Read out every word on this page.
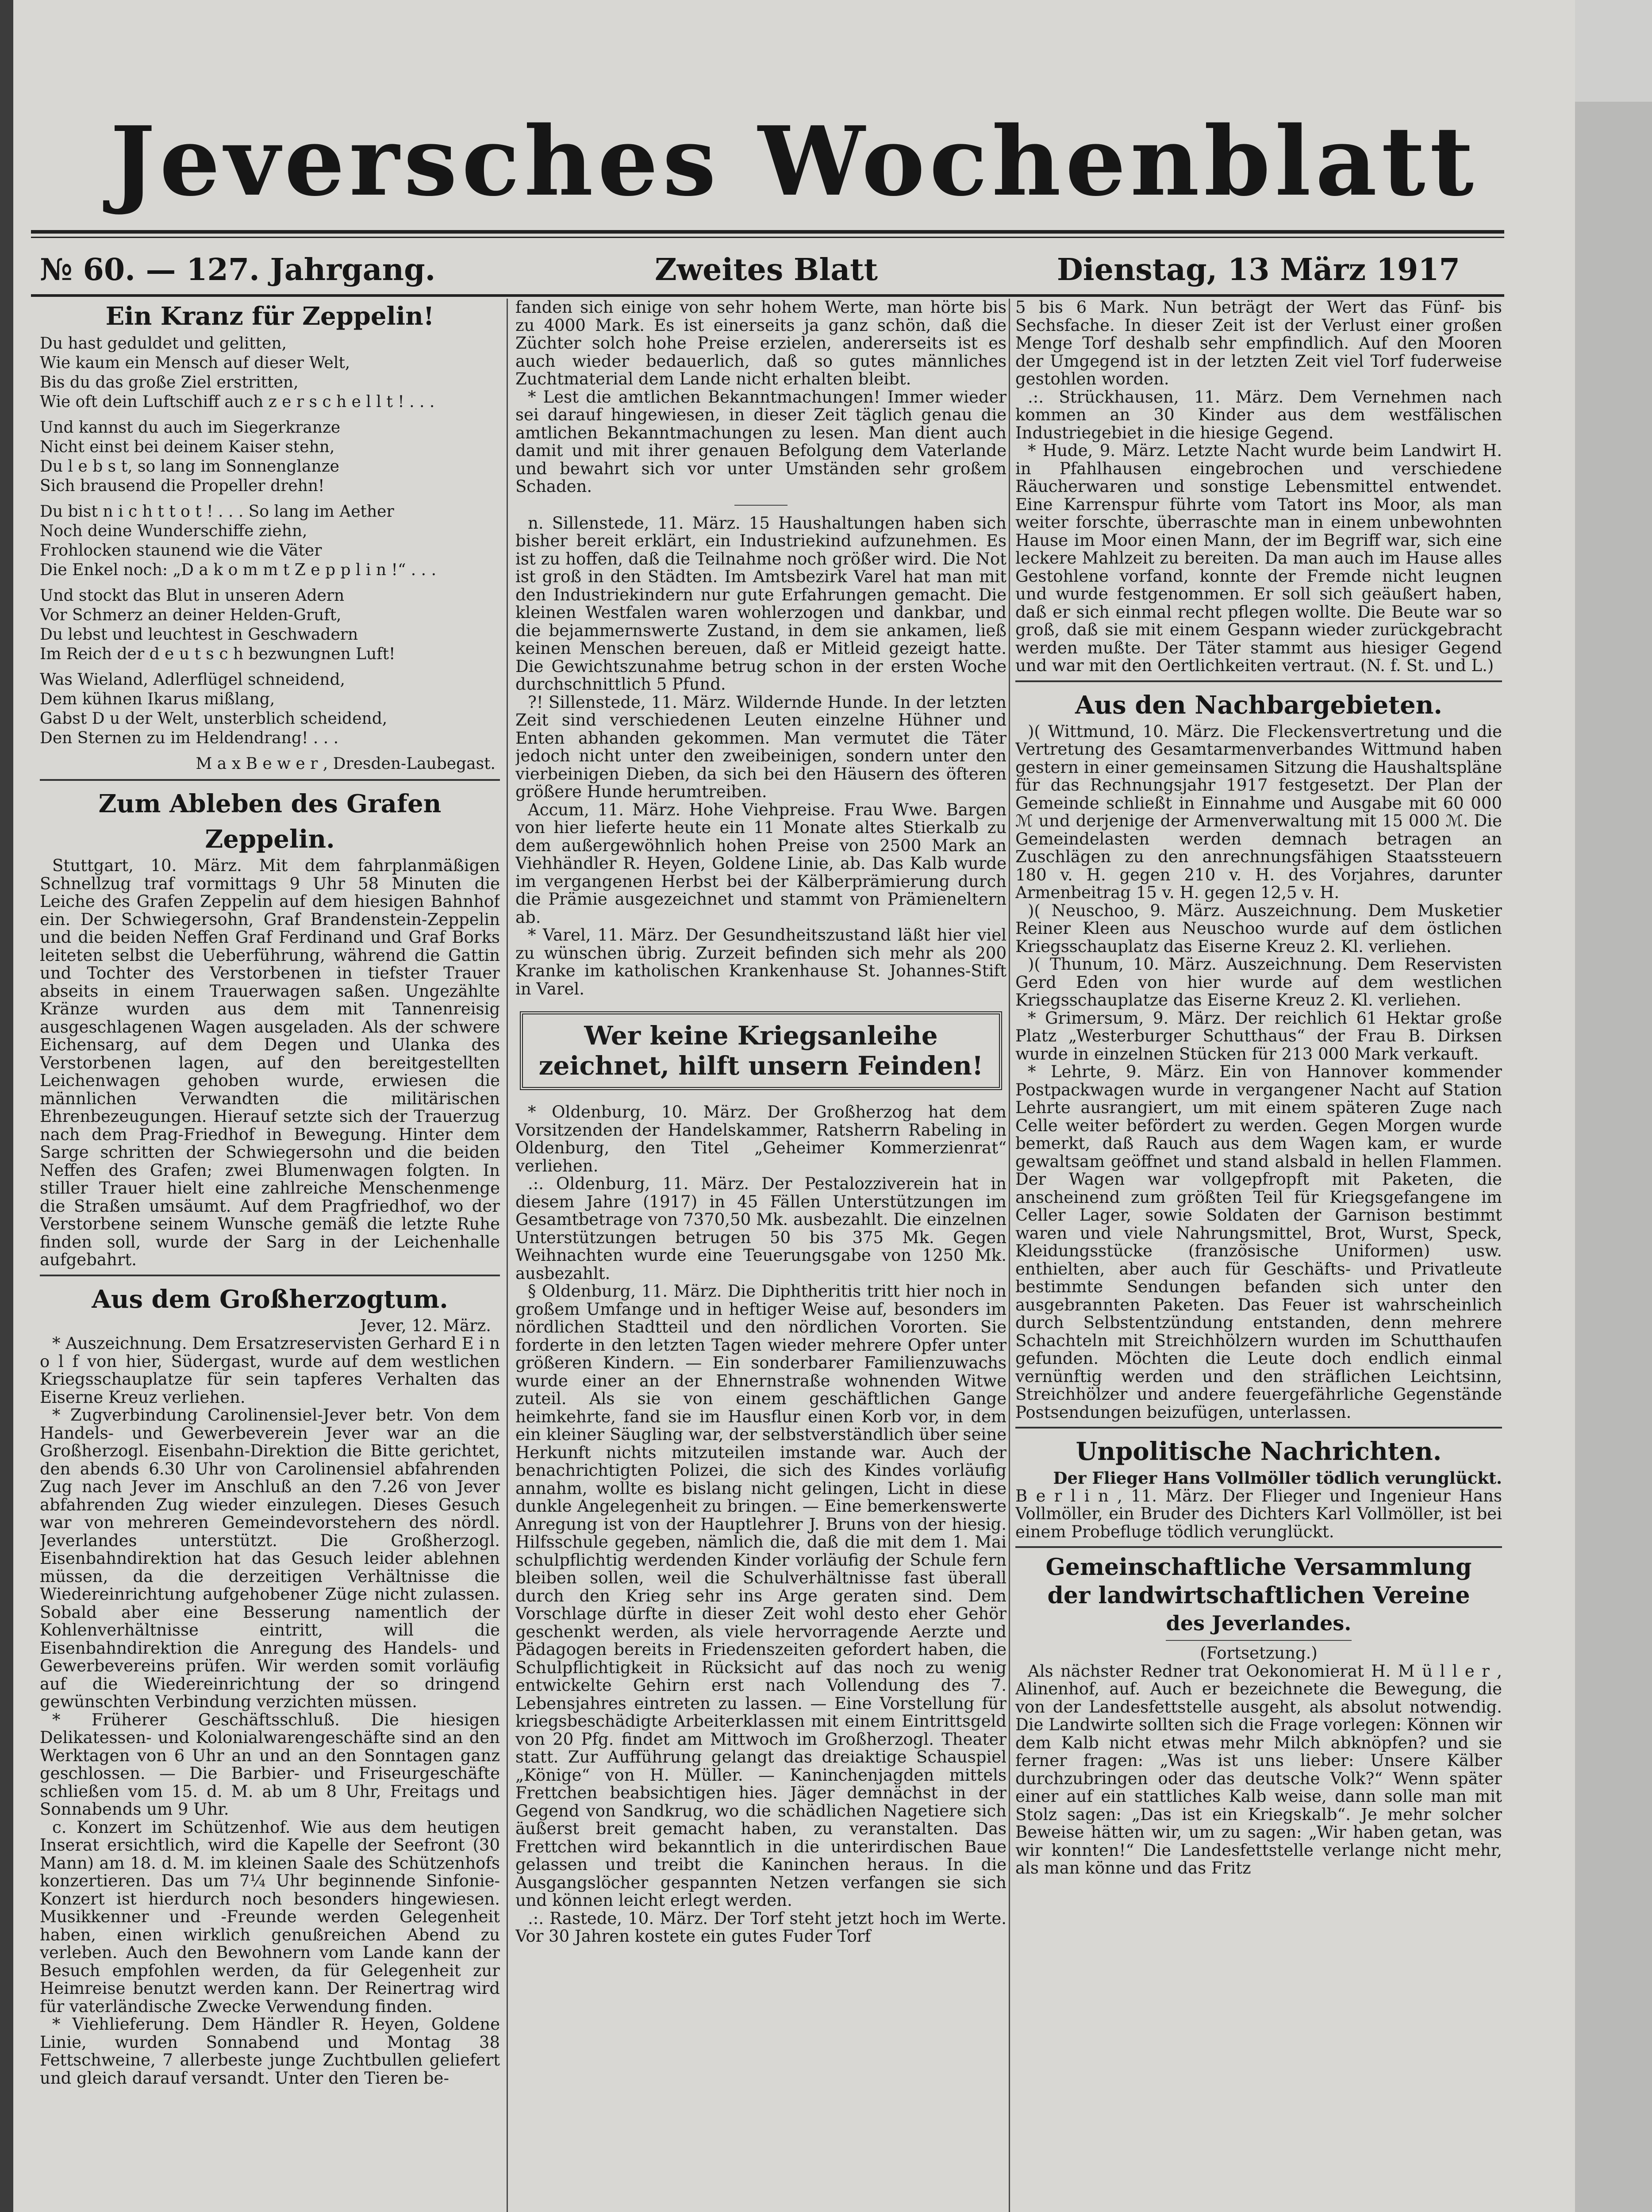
Jeversches Wochenblatt
№ 60. — 127. Jahrgang.	Zweites Blatt	Dienstag, 13 März 1917
Ein Kranz für Zeppelin!
Du hast geduldet und gelitten,
Wie kaum ein Mensch auf dieser Welt,
Bis du das große Ziel erstritten,
Wie oft dein Luftschiff auch z e r s c h e l l t ! . . .
Und kannst du auch im Siegerkranze
Nicht einst bei deinem Kaiser stehn,
Du l e b s t, so lang im Sonnenglanze
Sich brausend die Propeller drehn!
Du bist n i c h t t o t ! . . . So lang im Aether
Noch deine Wunderschiffe ziehn,
Frohlocken staunend wie die Väter
Die Enkel noch: „D a k o m m t Z e p p l i n !“ . . .
Und stockt das Blut in unseren Adern
Vor Schmerz an deiner Helden-Gruft,
Du lebst und leuchtest in Geschwadern
Im Reich der d e u t s c h bezwungnen Luft!
Was Wieland, Adlerflügel schneidend,
Dem kühnen Ikarus mißlang,
Gabst D u der Welt, unsterblich scheidend,
Den Sternen zu im Heldendrang! . . .
M a x B e w e r , Dresden-Laubegast.
Zum Ableben des Grafen Zeppelin.

Stuttgart, 10. März. Mit dem fahrplanmäßigen Schnellzug traf vormittags 9 Uhr 58 Minuten die Leiche des Grafen Zeppelin auf dem hiesigen Bahnhof ein. Der Schwiegersohn, Graf Brandenstein-Zeppelin und die beiden Neffen Graf Ferdinand und Graf Borks leiteten selbst die Ueberführung, während die Gattin und Tochter des Verstorbenen in tiefster Trauer abseits in einem Trauerwagen saßen. Ungezählte Kränze wurden aus dem mit Tannenreisig ausgeschlagenen Wagen ausgeladen. Als der schwere Eichensarg, auf dem Degen und Ulanka des Verstorbenen lagen, auf den bereitgestellten Leichenwagen gehoben wurde, erwiesen die männlichen Verwandten die militärischen Ehrenbezeugungen. Hierauf setzte sich der Trauerzug nach dem Prag-Friedhof in Bewegung. Hinter dem Sarge schritten der Schwiegersohn und die beiden Neffen des Grafen; zwei Blumenwagen folgten. In stiller Trauer hielt eine zahlreiche Menschenmenge die Straßen umsäumt. Auf dem Pragfriedhof, wo der Verstorbene seinem Wunsche gemäß die letzte Ruhe finden soll, wurde der Sarg in der Leichenhalle aufgebahrt.

Aus dem Großherzogtum.
Jever, 12. März.

* Auszeichnung. Dem Ersatzreservisten Gerhard E i n o l f von hier, Südergast, wurde auf dem westlichen Kriegsschauplatze für sein tapferes Verhalten das Eiserne Kreuz verliehen.

* Zugverbindung Carolinensiel-Jever betr. Von dem Handels- und Gewerbeverein Jever war an die Großherzogl. Eisenbahn-Direktion die Bitte gerichtet, den abends 6.30 Uhr von Carolinensiel abfahrenden Zug nach Jever im Anschluß an den 7.26 von Jever abfahrenden Zug wieder einzulegen. Dieses Gesuch war von mehreren Gemeindevorstehern des nördl. Jeverlandes unterstützt. Die Großherzogl. Eisenbahndirektion hat das Gesuch leider ablehnen müssen, da die derzeitigen Verhältnisse die Wiedereinrichtung aufgehobener Züge nicht zulassen. Sobald aber eine Besserung namentlich der Kohlenverhältnisse eintritt, will die Eisenbahndirektion die Anregung des Handels- und Gewerbevereins prüfen. Wir werden somit vorläufig auf die Wiedereinrichtung der so dringend gewünschten Verbindung verzichten müssen.

* Früherer Geschäftsschluß. Die hiesigen Delikatessen- und Kolonialwarengeschäfte sind an den Werktagen von 6 Uhr an und an den Sonntagen ganz geschlossen. — Die Barbier- und Friseurgeschäfte schließen vom 15. d. M. ab um 8 Uhr, Freitags und Sonnabends um 9 Uhr.

c. Konzert im Schützenhof. Wie aus dem heutigen Inserat ersichtlich, wird die Kapelle der Seefront (30 Mann) am 18. d. M. im kleinen Saale des Schützenhofs konzertieren. Das um 7¼ Uhr beginnende Sinfonie-Konzert ist hierdurch noch besonders hingewiesen. Musikkenner und -Freunde werden Gelegenheit haben, einen wirklich genußreichen Abend zu verleben. Auch den Bewohnern vom Lande kann der Besuch empfohlen werden, da für Gelegenheit zur Heimreise benutzt werden kann. Der Reinertrag wird für vaterländische Zwecke Verwendung finden.

* Viehlieferung. Dem Händler R. Heyen, Goldene Linie, wurden Sonnabend und Montag 38 Fettschweine, 7 allerbeste junge Zuchtbullen geliefert und gleich darauf versandt. Unter den Tieren be-

fanden sich einige von sehr hohem Werte, man hörte bis zu 4000 Mark. Es ist einerseits ja ganz schön, daß die Züchter solch hohe Preise erzielen, andererseits ist es auch wieder bedauerlich, daß so gutes männliches Zuchtmaterial dem Lande nicht erhalten bleibt.

* Lest die amtlichen Bekanntmachungen! Immer wieder sei darauf hingewiesen, in dieser Zeit täglich genau die amtlichen Bekanntmachungen zu lesen. Man dient auch damit und mit ihrer genauen Befolgung dem Vaterlande und bewahrt sich vor unter Umständen sehr großem Schaden.

n. Sillenstede, 11. März. 15 Haushaltungen haben sich bisher bereit erklärt, ein Industriekind aufzunehmen. Es ist zu hoffen, daß die Teilnahme noch größer wird. Die Not ist groß in den Städten. Im Amtsbezirk Varel hat man mit den Industriekindern nur gute Erfahrungen gemacht. Die kleinen Westfalen waren wohlerzogen und dankbar, und die bejammernswerte Zustand, in dem sie ankamen, ließ keinen Menschen bereuen, daß er Mitleid gezeigt hatte. Die Gewichtszunahme betrug schon in der ersten Woche durchschnittlich 5 Pfund.

?! Sillenstede, 11. März. Wildernde Hunde. In der letzten Zeit sind verschiedenen Leuten einzelne Hühner und Enten abhanden gekommen. Man vermutet die Täter jedoch nicht unter den zweibeinigen, sondern unter den vierbeinigen Dieben, da sich bei den Häusern des öfteren größere Hunde herumtreiben.

Accum, 11. März. Hohe Viehpreise. Frau Wwe. Bargen von hier lieferte heute ein 11 Monate altes Stierkalb zu dem außergewöhnlich hohen Preise von 2500 Mark an Viehhändler R. Heyen, Goldene Linie, ab. Das Kalb wurde im vergangenen Herbst bei der Kälberprämierung durch die Prämie ausgezeichnet und stammt von Prämieneltern ab.

* Varel, 11. März. Der Gesundheitszustand läßt hier viel zu wünschen übrig. Zurzeit befinden sich mehr als 200 Kranke im katholischen Krankenhause St. Johannes-Stift in Varel.

Wer keine Kriegsanleihe zeichnet, hilft unsern Feinden!

* Oldenburg, 10. März. Der Großherzog hat dem Vorsitzenden der Handelskammer, Ratsherrn Rabeling in Oldenburg, den Titel „Geheimer Kommerzienrat“ verliehen.

.:. Oldenburg, 11. März. Der Pestalozziverein hat in diesem Jahre (1917) in 45 Fällen Unterstützungen im Gesamtbetrage von 7370,50 Mk. ausbezahlt. Die einzelnen Unterstützungen betrugen 50 bis 375 Mk. Gegen Weihnachten wurde eine Teuerungsgabe von 1250 Mk. ausbezahlt.

§ Oldenburg, 11. März. Die Diphtheritis tritt hier noch in großem Umfange und in heftiger Weise auf, besonders im nördlichen Stadtteil und den nördlichen Vororten. Sie forderte in den letzten Tagen wieder mehrere Opfer unter größeren Kindern. — Ein sonderbarer Familienzuwachs wurde einer an der Ehnernstraße wohnenden Witwe zuteil. Als sie von einem geschäftlichen Gange heimkehrte, fand sie im Hausflur einen Korb vor, in dem ein kleiner Säugling war, der selbstverständlich über seine Herkunft nichts mitzuteilen imstande war. Auch der benachrichtigten Polizei, die sich des Kindes vorläufig annahm, wollte es bislang nicht gelingen, Licht in diese dunkle Angelegenheit zu bringen. — Eine bemerkenswerte Anregung ist von der Hauptlehrer J. Bruns von der hiesig. Hilfsschule gegeben, nämlich die, daß die mit dem 1. Mai schulpflichtig werdenden Kinder vorläufig der Schule fern bleiben sollen, weil die Schulverhältnisse fast überall durch den Krieg sehr ins Arge geraten sind. Dem Vorschlage dürfte in dieser Zeit wohl desto eher Gehör geschenkt werden, als viele hervorragende Aerzte und Pädagogen bereits in Friedenszeiten gefordert haben, die Schulpflichtigkeit in Rücksicht auf das noch zu wenig entwickelte Gehirn erst nach Vollendung des 7. Lebensjahres eintreten zu lassen. — Eine Vorstellung für kriegsbeschädigte Arbeiterklassen mit einem Eintrittsgeld von 20 Pfg. findet am Mittwoch im Großherzogl. Theater statt. Zur Aufführung gelangt das dreiaktige Schauspiel „Könige“ von H. Müller. — Kaninchenjagden mittels Frettchen beabsichtigen hies. Jäger demnächst in der Gegend von Sandkrug, wo die schädlichen Nagetiere sich äußerst breit gemacht haben, zu veranstalten. Das Frettchen wird bekanntlich in die unterirdischen Baue gelassen und treibt die Kaninchen heraus. In die Ausgangslöcher gespannten Netzen verfangen sie sich und können leicht erlegt werden.

.:. Rastede, 10. März. Der Torf steht jetzt hoch im Werte. Vor 30 Jahren kostete ein gutes Fuder Torf

5 bis 6 Mark. Nun beträgt der Wert das Fünf- bis Sechsfache. In dieser Zeit ist der Verlust einer großen Menge Torf deshalb sehr empfindlich. Auf den Mooren der Umgegend ist in der letzten Zeit viel Torf fuderweise gestohlen worden.

.:. Strückhausen, 11. März. Dem Vernehmen nach kommen an 30 Kinder aus dem westfälischen Industriegebiet in die hiesige Gegend.

* Hude, 9. März. Letzte Nacht wurde beim Landwirt H. in Pfahlhausen eingebrochen und verschiedene Räucherwaren und sonstige Lebensmittel entwendet. Eine Karrenspur führte vom Tatort ins Moor, als man weiter forschte, überraschte man in einem unbewohnten Hause im Moor einen Mann, der im Begriff war, sich eine leckere Mahlzeit zu bereiten. Da man auch im Hause alles Gestohlene vorfand, konnte der Fremde nicht leugnen und wurde festgenommen. Er soll sich geäußert haben, daß er sich einmal recht pflegen wollte. Die Beute war so groß, daß sie mit einem Gespann wieder zurückgebracht werden mußte. Der Täter stammt aus hiesiger Gegend und war mit den Oertlichkeiten vertraut. (N. f. St. und L.)

Aus den Nachbargebieten.

)( Wittmund, 10. März. Die Fleckensvertretung und die Vertretung des Gesamtarmenverbandes Wittmund haben gestern in einer gemeinsamen Sitzung die Haushaltspläne für das Rechnungsjahr 1917 festgesetzt. Der Plan der Gemeinde schließt in Einnahme und Ausgabe mit 60 000 ℳ und derjenige der Armenverwaltung mit 15 000 ℳ. Die Gemeindelasten werden demnach betragen an Zuschlägen zu den anrechnungsfähigen Staatssteuern 180 v. H. gegen 210 v. H. des Vorjahres, darunter Armenbeitrag 15 v. H. gegen 12,5 v. H.

)( Neuschoo, 9. März. Auszeichnung. Dem Musketier Reiner Kleen aus Neuschoo wurde auf dem östlichen Kriegsschauplatz das Eiserne Kreuz 2. Kl. verliehen.

)( Thunum, 10. März. Auszeichnung. Dem Reservisten Gerd Eden von hier wurde auf dem westlichen Kriegsschauplatze das Eiserne Kreuz 2. Kl. verliehen.

* Grimersum, 9. März. Der reichlich 61 Hektar große Platz „Westerburger Schutthaus“ der Frau B. Dirksen wurde in einzelnen Stücken für 213 000 Mark verkauft.

* Lehrte, 9. März. Ein von Hannover kommender Postpackwagen wurde in vergangener Nacht auf Station Lehrte ausrangiert, um mit einem späteren Zuge nach Celle weiter befördert zu werden. Gegen Morgen wurde bemerkt, daß Rauch aus dem Wagen kam, er wurde gewaltsam geöffnet und stand alsbald in hellen Flammen. Der Wagen war vollgepfropft mit Paketen, die anscheinend zum größten Teil für Kriegsgefangene im Celler Lager, sowie Soldaten der Garnison bestimmt waren und viele Nahrungsmittel, Brot, Wurst, Speck, Kleidungsstücke (französische Uniformen) usw. enthielten, aber auch für Geschäfts- und Privatleute bestimmte Sendungen befanden sich unter den ausgebrannten Paketen. Das Feuer ist wahrscheinlich durch Selbstentzündung entstanden, denn mehrere Schachteln mit Streichhölzern wurden im Schutthaufen gefunden. Möchten die Leute doch endlich einmal vernünftig werden und den sträflichen Leichtsinn, Streichhölzer und andere feuergefährliche Gegenstände Postsendungen beizufügen, unterlassen.

Unpolitische Nachrichten.
Der Flieger Hans Vollmöller tödlich verunglückt.

B e r l i n , 11. März. Der Flieger und Ingenieur Hans Vollmöller, ein Bruder des Dichters Karl Vollmöller, ist bei einem Probefluge tödlich verunglückt.

Gemeinschaftliche Versammlung
der landwirtschaftlichen Vereine
des Jeverlandes.
(Fortsetzung.)

Als nächster Redner trat Oekonomierat H. M ü l l e r , Alinenhof, auf. Auch er bezeichnete die Bewegung, die von der Landesfettstelle ausgeht, als absolut notwendig. Die Landwirte sollten sich die Frage vorlegen: Können wir dem Kalb nicht etwas mehr Milch abknöpfen? und sie ferner fragen: „Was ist uns lieber: Unsere Kälber durchzubringen oder das deutsche Volk?“ Wenn später einer auf ein stattliches Kalb weise, dann solle man mit Stolz sagen: „Das ist ein Kriegskalb“. Je mehr solcher Beweise hätten wir, um zu sagen: „Wir haben getan, was wir konnten!“ Die Landesfettstelle verlange nicht mehr, als man könne und das Fritz
